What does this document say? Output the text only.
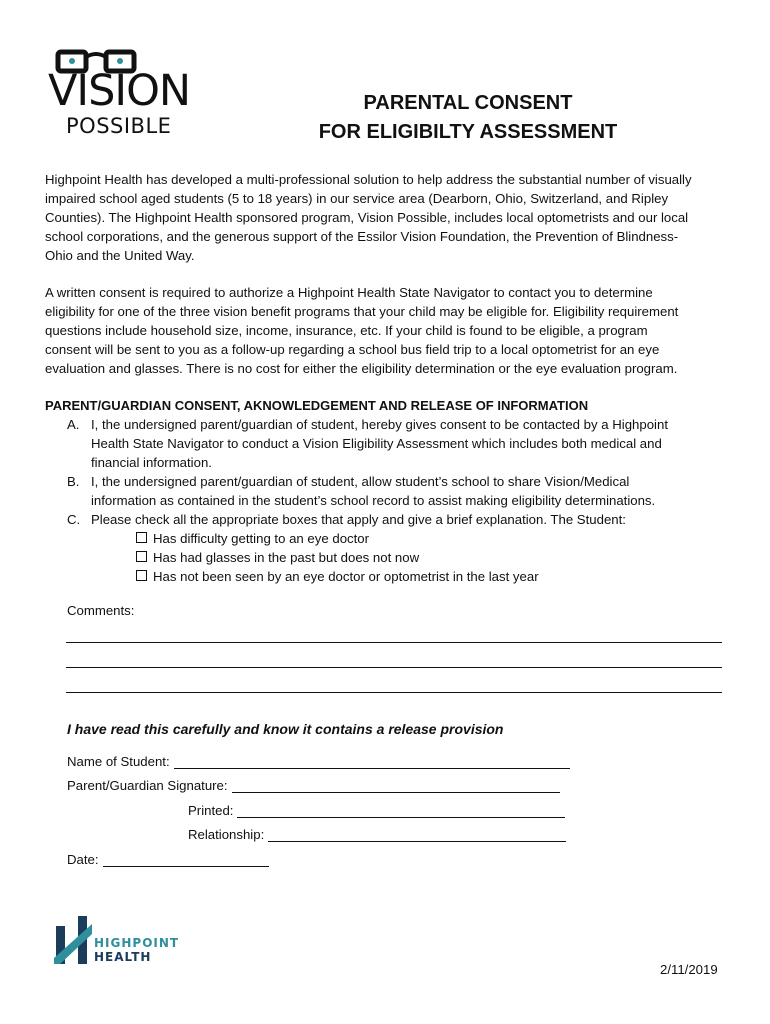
VISION
POSSIBLE
PARENTAL CONSENT
FOR ELIGIBILTY ASSESSMENT
Highpoint Health has developed a multi-professional solution to help address the substantial number of visually
impaired school aged students (5 to 18 years) in our service area (Dearborn, Ohio, Switzerland, and Ripley
Counties). The Highpoint Health sponsored program, Vision Possible, includes local optometrists and our local
school corporations, and the generous support of the Essilor Vision Foundation, the Prevention of Blindness-
Ohio and the United Way.
A written consent is required to authorize a Highpoint Health State Navigator to contact you to determine
eligibility for one of the three vision benefit programs that your child may be eligible for. Eligibility requirement
questions include household size, income, insurance, etc. If your child is found to be eligible, a program
consent will be sent to you as a follow-up regarding a school bus field trip to a local optometrist for an eye
evaluation and glasses. There is no cost for either the eligibility determination or the eye evaluation program.
PARENT/GUARDIAN CONSENT, AKNOWLEDGEMENT AND RELEASE OF INFORMATION
A. I, the undersigned parent/guardian of student, hereby gives consent to be contacted by a Highpoint
Health State Navigator to conduct a Vision Eligibility Assessment which includes both medical and
financial information.
B. I, the undersigned parent/guardian of student, allow student’s school to share Vision/Medical
information as contained in the student’s school record to assist making eligibility determinations.
C. Please check all the appropriate boxes that apply and give a brief explanation. The Student:
Has difficulty getting to an eye doctor
Has had glasses in the past but does not now
Has not been seen by an eye doctor or optometrist in the last year
Comments:
I have read this carefully and know it contains a release provision
Name of Student:
Parent/Guardian Signature:
Printed:
Relationship:
Date:
HIGHPOINT
HEALTH
2/11/2019
